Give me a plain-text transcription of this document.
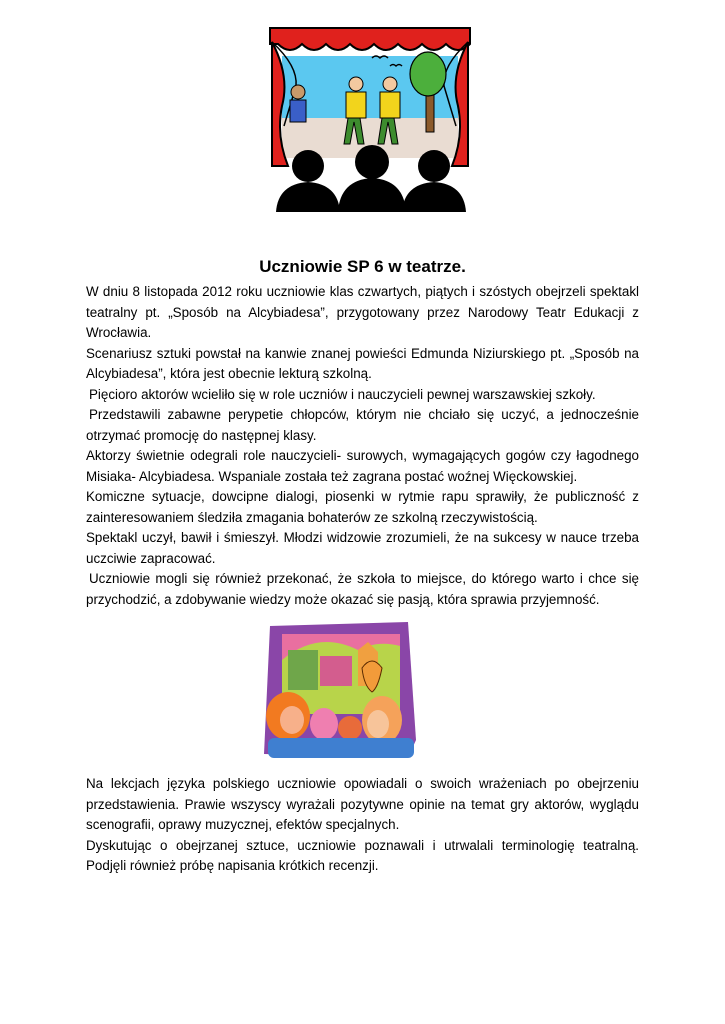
Uczniowie SP 6 w teatrze.

W dniu 8 listopada 2012 roku uczniowie klas czwartych, piątych i szóstych obejrzeli spektakl teatralny pt. „Sposób na Alcybiadesa”, przygotowany przez Narodowy Teatr Edukacji z Wrocławia.

Scenariusz sztuki powstał na kanwie znanej powieści Edmunda Niziurskiego pt. „Sposób na Alcybiadesa”, która jest obecnie lekturą szkolną.

Pięcioro aktorów wcieliło się w role uczniów i nauczycieli pewnej warszawskiej szkoły.

Przedstawili zabawne perypetie chłopców, którym nie chciało się uczyć, a jednocześnie otrzymać promocję do następnej klasy.

Aktorzy świetnie odegrali role nauczycieli- surowych, wymagających gogów czy łagodnego Misiaka- Alcybiadesa. Wspaniale została też zagrana postać woźnej Więckowskiej.

Komiczne sytuacje, dowcipne dialogi, piosenki w rytmie rapu sprawiły, że publiczność z zainteresowaniem śledziła zmagania bohaterów ze szkolną rzeczywistością.

Spektakl uczył, bawił i śmieszył. Młodzi widzowie zrozumieli, że na sukcesy w nauce trzeba uczciwie zapracować.

Uczniowie mogli się również przekonać, że szkoła to miejsce, do którego warto i chce się przychodzić, a zdobywanie wiedzy może okazać się pasją, która sprawia przyjemność.

Na lekcjach języka polskiego uczniowie opowiadali o swoich wrażeniach po obejrzeniu przedstawienia. Prawie wszyscy wyrażali pozytywne opinie na temat gry aktorów, wyglądu scenografii, oprawy muzycznej, efektów specjalnych.

Dyskutując o obejrzanej sztuce, uczniowie poznawali i utrwalali terminologię teatralną. Podjęli również próbę napisania krótkich recenzji.
